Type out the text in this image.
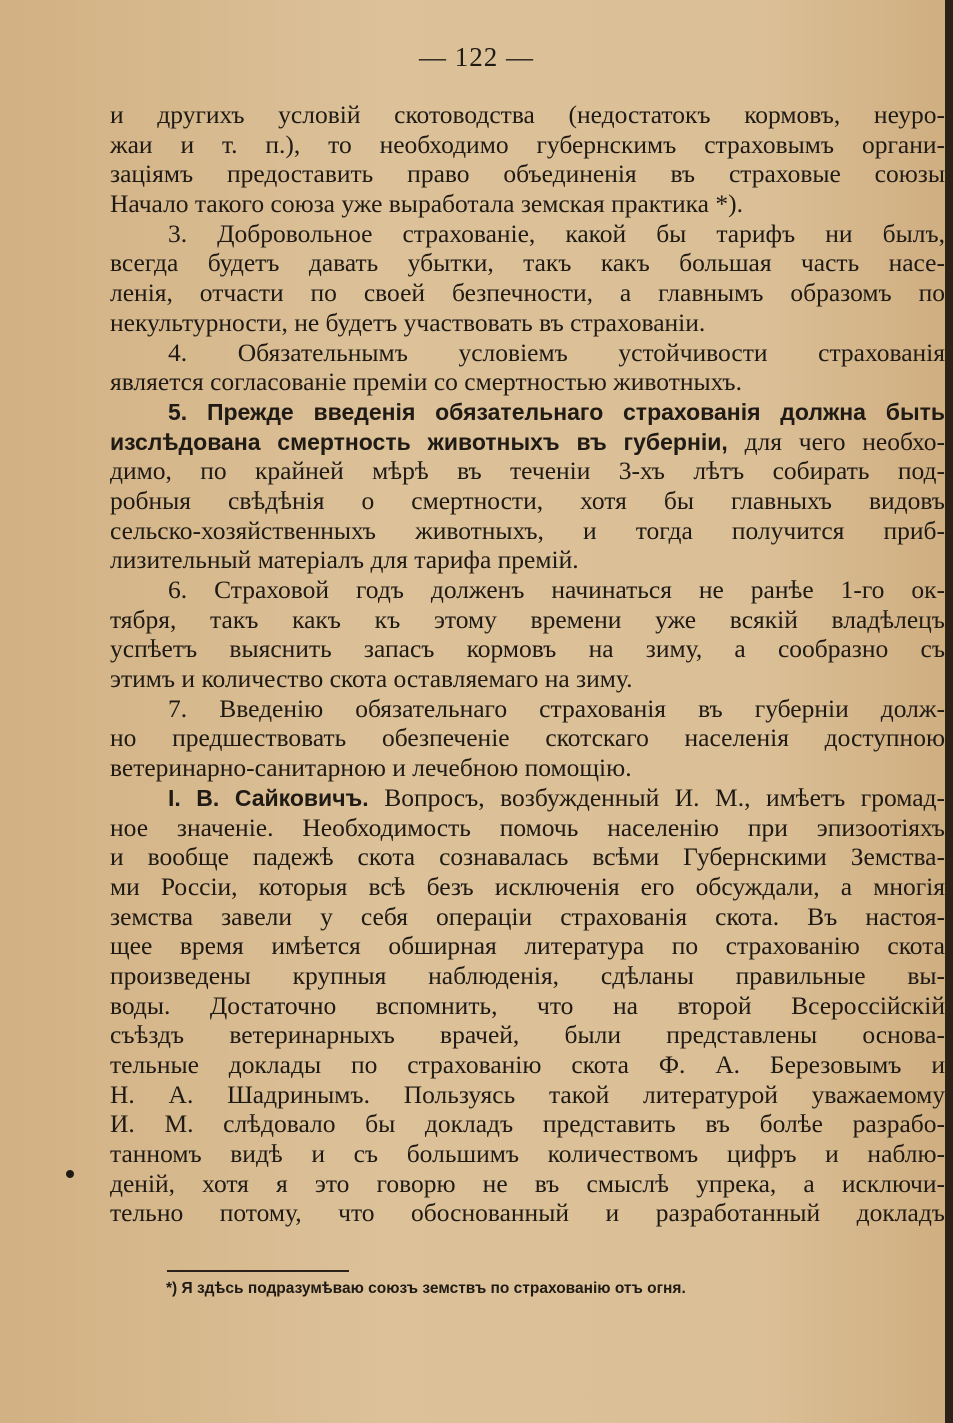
— 122 —
и другихъ условій скотоводства (недостатокъ кормовъ, неуро-
жаи и т. п.), то необходимо губернскимъ страховымъ органи-
заціямъ предоставить право объединенія въ страховые союзы
Начало такого союза уже выработала земская практика *).
3. Добровольное страхованіе, какой бы тарифъ ни былъ,
всегда будетъ давать убытки, такъ какъ большая часть насе-
ленія, отчасти по своей безпечности, а главнымъ образомъ по
некультурности, не будетъ участвовать въ страхованіи.
4. Обязательнымъ условіемъ устойчивости страхованія
является согласованіе преміи со смертностью животныхъ.
5. Прежде введенія обязательнаго страхованія должна быть
изслѣдована смертность животныхъ въ губерніи, для чего необхо-
димо, по крайней мѣрѣ въ теченіи 3-хъ лѣтъ собирать под-
робныя свѣдѣнія о смертности, хотя бы главныхъ видовъ
сельско-хозяйственныхъ животныхъ, и тогда получится приб-
лизительный матеріалъ для тарифа премій.
6. Страховой годъ долженъ начинаться не ранѣе 1-го ок-
тября, такъ какъ къ этому времени уже всякій владѣлецъ
успѣетъ выяснить запасъ кормовъ на зиму, а сообразно съ
этимъ и количество скота оставляемаго на зиму.
7. Введенію обязательнаго страхованія въ губерніи долж-
но предшествовать обезпеченіе скотскаго населенія доступною
ветеринарно-санитарною и лечебною помощію.
І. В. Сайковичъ. Вопросъ, возбужденный И. М., имѣетъ громад-
ное значеніе. Необходимость помочь населенію при эпизоотіяхъ
и вообще падежѣ скота сознавалась всѣми Губернскими Земства-
ми Россіи, которыя всѣ безъ исключенія его обсуждали, а многія
земства завели у себя операціи страхованія скота. Въ настоя-
щее время имѣется обширная литература по страхованію скота
произведены крупныя наблюденія, сдѣланы правильные вы-
воды. Достаточно вспомнить, что на второй Всероссійскій
съѣздъ ветеринарныхъ врачей, были представлены основа-
тельные доклады по страхованію скота Ф. А. Березовымъ и
Н. А. Шадринымъ. Пользуясь такой литературой уважаемому
И. М. слѣдовало бы докладъ представить въ болѣе разрабо-
танномъ видѣ и съ большимъ количествомъ цифръ и наблю-
деній, хотя я это говорю не въ смыслѣ упрека, а исключи-
тельно потому, что обоснованный и разработанный докладъ
*) Я здѣсь подразумѣваю союзъ земствъ по страхованію отъ огня.
